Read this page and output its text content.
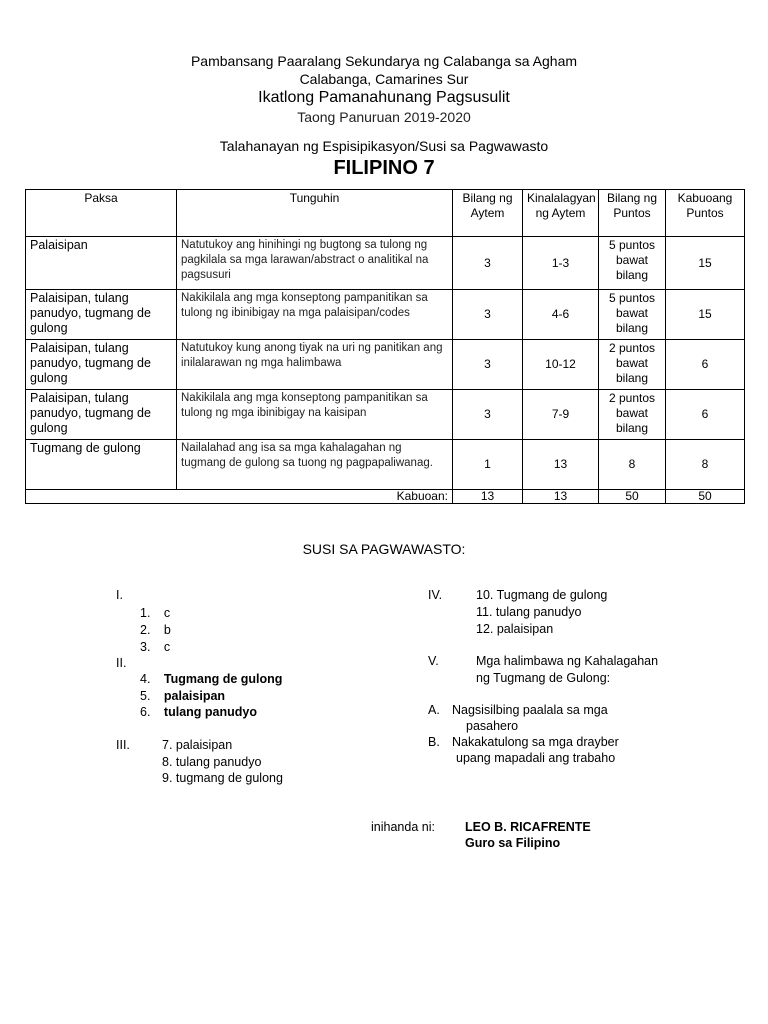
Pambansang Paaralang Sekundarya ng Calabanga sa Agham
Calabanga, Camarines Sur
Ikatlong Pamanahunang Pagsusulit
Taong Panuruan 2019-2020
Talahanayan ng Espisipikasyon/Susi sa Pagwawasto
FILIPINO 7
Paksa	Tunguhin	Bilang ng Aytem	Kinalalagyan ng Aytem	Bilang ng Puntos	Kabuoang Puntos
Palaisipan	Natutukoy ang hinihingi ng bugtong sa tulong ng pagkilala sa mga larawan/abstract o analitikal na pagsusuri	3	1-3	5 puntos bawat bilang	15
Palaisipan, tulang panudyo, tugmang de gulong	Nakikilala ang mga konseptong pampanitikan sa tulong ng ibinibigay na mga palaisipan/codes	3	4-6	5 puntos bawat bilang	15
Palaisipan, tulang panudyo, tugmang de gulong	Natutukoy kung anong tiyak na uri ng panitikan ang inilalarawan ng mga halimbawa	3	10-12	2 puntos bawat bilang	6
Palaisipan, tulang panudyo, tugmang de gulong	Nakikilala ang mga konseptong pampanitikan sa tulong ng mga ibinibigay na kaisipan	3	7-9	2 puntos bawat bilang	6
Tugmang de gulong	Nailalahad ang isa sa mga kahalagahan ng tugmang de gulong sa tuong ng pagpapaliwanag.	1	13	8	8
Kabuoan:		13	13	50	50
SUSI SA PAGWAWASTO:
I.
1. c
2. b
3. c
II.
4. Tugmang de gulong
5. palaisipan
6. tulang panudyo
III.	7. palaisipan
8. tulang panudyo
9. tugmang de gulong
IV.	10. Tugmang de gulong
11. tulang panudyo
12. palaisipan
V.	Mga halimbawa ng Kahalagahan
ng Tugmang de Gulong:
A. Nagsisilbing paalala sa mga
pasahero
B. Nakakatulong sa mga drayber
upang mapadali ang trabaho
inihanda ni: LEO B. RICAFRENTE
Guro sa Filipino
